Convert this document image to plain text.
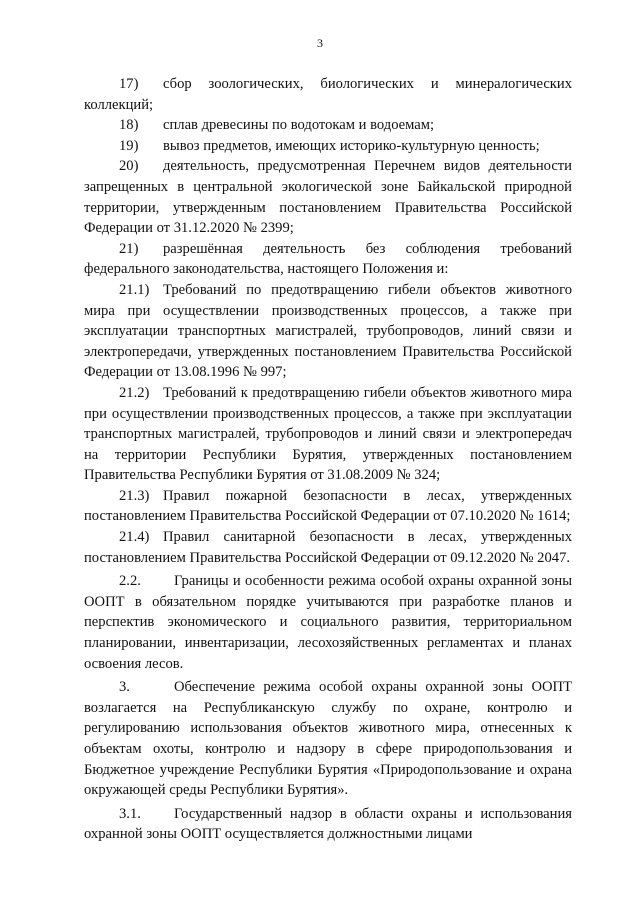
3

17) сбор зоологических, биологических и минералогических коллекций;

18) сплав древесины по водотокам и водоемам;

19) вывоз предметов, имеющих историко-культурную ценность;

20) деятельность, предусмотренная Перечнем видов деятельности запрещенных в центральной экологической зоне Байкальской природной территории, утвержденным постановлением Правительства Российской Федерации от 31.12.2020 № 2399;

21) разрешённая деятельность без соблюдения требований федерального законодательства, настоящего Положения и:

21.1) Требований по предотвращению гибели объектов животного мира при осуществлении производственных процессов, а также при эксплуатации транспортных магистралей, трубопроводов, линий связи и электропередачи, утвержденных постановлением Правительства Российской Федерации от 13.08.1996 № 997;

21.2) Требований к предотвращению гибели объектов животного мира при осуществлении производственных процессов, а также при эксплуатации транспортных магистралей, трубопроводов и линий связи и электропередач на территории Республики Бурятия, утвержденных постановлением Правительства Республики Бурятия от 31.08.2009 № 324;

21.3) Правил пожарной безопасности в лесах, утвержденных постановлением Правительства Российской Федерации от 07.10.2020 № 1614;

21.4) Правил санитарной безопасности в лесах, утвержденных постановлением Правительства Российской Федерации от 09.12.2020 № 2047.

2.2. Границы и особенности режима особой охраны охранной зоны ООПТ в обязательном порядке учитываются при разработке планов и перспектив экономического и социального развития, территориальном планировании, инвентаризации, лесохозяйственных регламентах и планах освоения лесов.

3.	Обеспечение режима особой охраны охранной зоны ООПТ возлагается на Республиканскую службу по охране, контролю и регулированию использования объектов животного мира, отнесенных к объектам охоты, контролю и надзору в сфере природопользования и Бюджетное учреждение Республики Бурятия «Природопользование и охрана окружающей среды Республики Бурятия».

3.1. Государственный надзор в области охраны и использования охранной зоны ООПТ осуществляется должностными лицами
